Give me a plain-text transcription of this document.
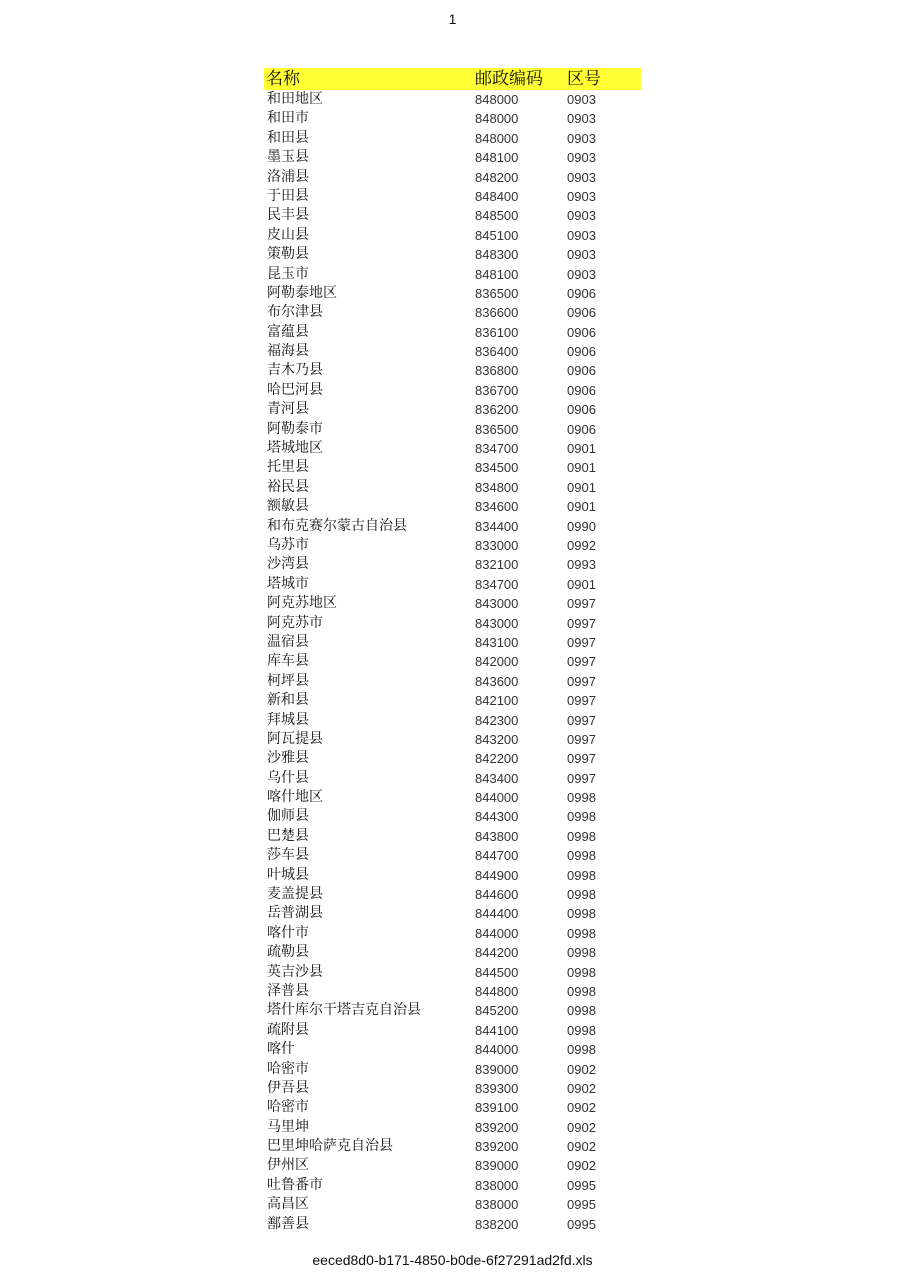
1
名称	邮政编码	区号
和田地区	848000	0903
和田市	848000	0903
和田县	848000	0903
墨玉县	848100	0903
洛浦县	848200	0903
于田县	848400	0903
民丰县	848500	0903
皮山县	845100	0903
策勒县	848300	0903
昆玉市	848100	0903
阿勒泰地区	836500	0906
布尔津县	836600	0906
富蕴县	836100	0906
福海县	836400	0906
吉木乃县	836800	0906
哈巴河县	836700	0906
青河县	836200	0906
阿勒泰市	836500	0906
塔城地区	834700	0901
托里县	834500	0901
裕民县	834800	0901
额敏县	834600	0901
和布克赛尔蒙古自治县	834400	0990
乌苏市	833000	0992
沙湾县	832100	0993
塔城市	834700	0901
阿克苏地区	843000	0997
阿克苏市	843000	0997
温宿县	843100	0997
库车县	842000	0997
柯坪县	843600	0997
新和县	842100	0997
拜城县	842300	0997
阿瓦提县	843200	0997
沙雅县	842200	0997
乌什县	843400	0997
喀什地区	844000	0998
伽师县	844300	0998
巴楚县	843800	0998
莎车县	844700	0998
叶城县	844900	0998
麦盖提县	844600	0998
岳普湖县	844400	0998
喀什市	844000	0998
疏勒县	844200	0998
英吉沙县	844500	0998
泽普县	844800	0998
塔什库尔干塔吉克自治县	845200	0998
疏附县	844100	0998
喀什	844000	0998
哈密市	839000	0902
伊吾县	839300	0902
哈密市	839100	0902
马里坤	839200	0902
巴里坤哈萨克自治县	839200	0902
伊州区	839000	0902
吐鲁番市	838000	0995
高昌区	838000	0995
鄯善县	838200	0995
eeced8d0-b171-4850-b0de-6f27291ad2fd.xls
